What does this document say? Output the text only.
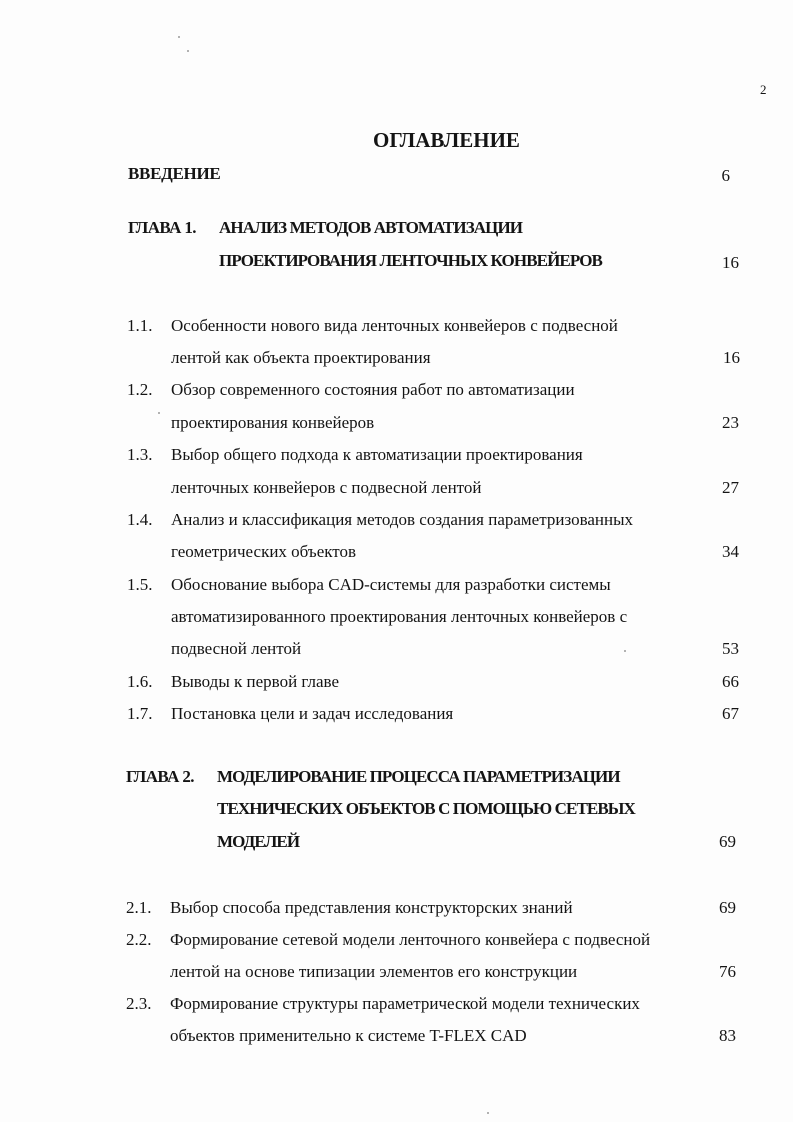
2
ОГЛАВЛЕНИЕ
ВВЕДЕНИЕ	6
ГЛАВА 1. АНАЛИЗ МЕТОДОВ АВТОМАТИЗАЦИИ
ПРОЕКТИРОВАНИЯ ЛЕНТОЧНЫХ КОНВЕЙЕРОВ	16
1.1. Особенности нового вида ленточных конвейеров с подвесной
лентой как объекта проектирования	16
1.2. Обзор современного состояния работ по автоматизации
проектирования конвейеров	23
1.3. Выбор общего подхода к автоматизации проектирования
ленточных конвейеров с подвесной лентой	27
1.4. Анализ и классификация методов создания параметризованных
геометрических объектов	34
1.5. Обоснование выбора CAD-системы для разработки системы
автоматизированного проектирования ленточных конвейеров с
подвесной лентой	53
1.6. Выводы к первой главе	66
1.7. Постановка цели и задач исследования	67
ГЛАВА 2. МОДЕЛИРОВАНИЕ ПРОЦЕССА ПАРАМЕТРИЗАЦИИ
ТЕХНИЧЕСКИХ ОБЪЕКТОВ С ПОМОЩЬЮ СЕТЕВЫХ
МОДЕЛЕЙ	69
2.1. Выбор способа представления конструкторских знаний	69
2.2. Формирование сетевой модели ленточного конвейера с подвесной
лентой на основе типизации элементов его конструкции	76
2.3. Формирование структуры параметрической модели технических
объектов применительно к системе T-FLEX CAD	83
